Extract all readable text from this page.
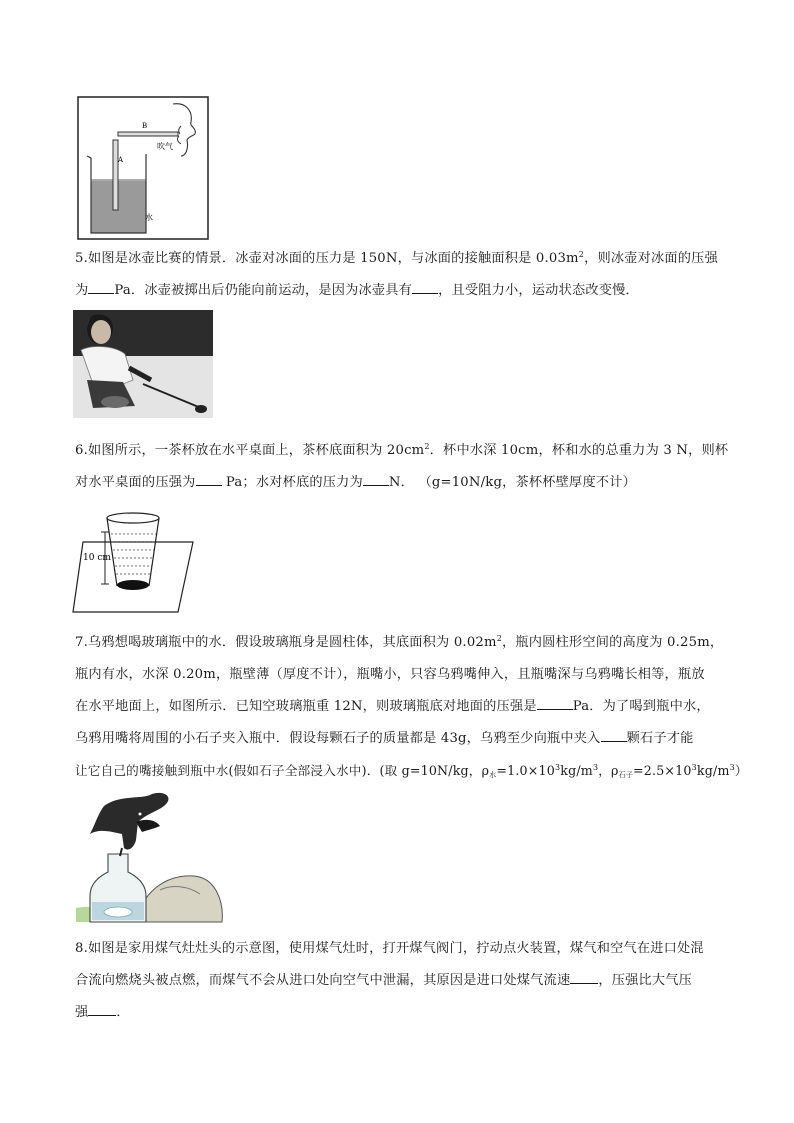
B
A
吹气
水

5.如图是冰壶比赛的情景．冰壶对冰面的压力是 150N，与冰面的接触面积是 $0.03m^2$，则冰壶对冰面的压强

为 Pa．冰壶被掷出后仍能向前运动，是因为冰壶具有 ，且受阻力小，运动状态改变慢．

6.如图所示，一茶杯放在水平桌面上，茶杯底面积为 $20cm^2$．杯中水深 10cm，杯和水的总重力为 3 N，则杯

对水平桌面的压强为 Pa；水对杯底的压力为 N． （g=10N/kg，茶杯杯壁厚度不计）

10 cm

7.乌鸦想喝玻璃瓶中的水．假设玻璃瓶身是圆柱体，其底面积为 $0.02m^2$，瓶内圆柱形空间的高度为 0.25m，

瓶内有水，水深 0.20m，瓶壁薄（厚度不计），瓶嘴小，只容乌鸦嘴伸入，且瓶嘴深与乌鸦嘴长相等，瓶放

在水平地面上，如图所示．已知空玻璃瓶重 12N，则玻璃瓶底对地面的压强是	Pa．为了喝到瓶中水，

乌鸦用嘴将周围的小石子夹入瓶中．假设每颗石子的质量都是 43g，乌鸦至少向瓶中夹入 颗石子才能

让它自己的嘴接触到瓶中水(假如石子全部浸入水中)．(取 g=10N/kg，$\rho_水=1.0\times 10^3kg/m^3$，$\rho_{石子}=2.5\times 10^3kg/m^3$）

8.如图是家用煤气灶灶头的示意图，使用煤气灶时，打开煤气阀门，拧动点火装置，煤气和空气在进口处混

合流向燃烧头被点燃，而煤气不会从进口处向空气中泄漏，其原因是进口处煤气流速 ，压强比大气压

强 ．
